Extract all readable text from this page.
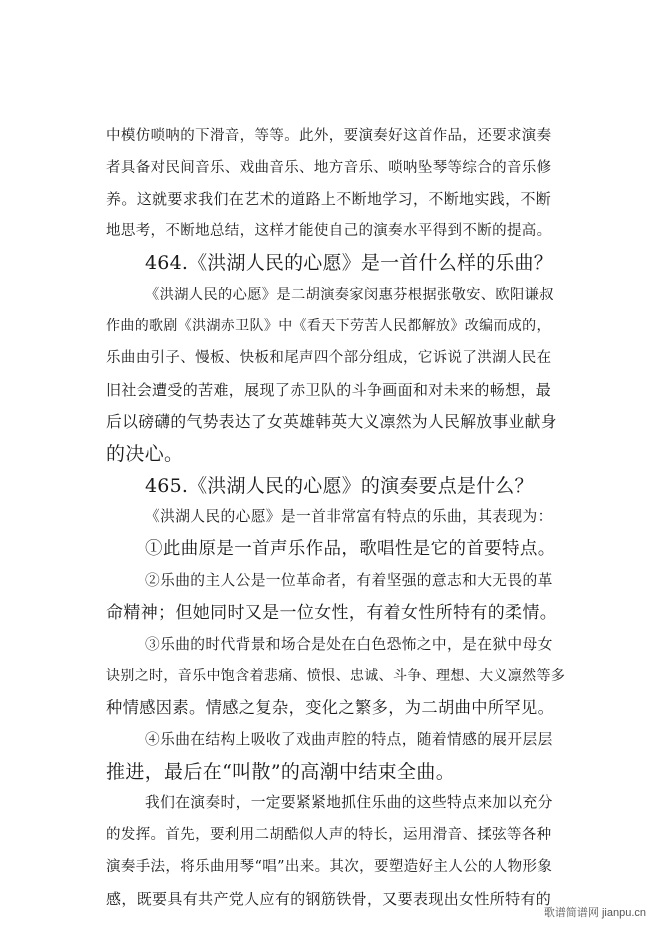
中模仿唢呐的下滑音，等等。此外，要演奏好这首作品，还要求演奏
者具备对民间音乐、戏曲音乐、地方音乐、唢呐坠琴等综合的音乐修
养。这就要求我们在艺术的道路上不断地学习，不断地实践，不断
地思考，不断地总结，这样才能使自己的演奏水平得到不断的提高。
464.《洪湖人民的心愿》是一首什么样的乐曲？
《洪湖人民的心愿》是二胡演奏家闵惠芬根据张敬安、欧阳谦叔
作曲的歌剧《洪湖赤卫队》中《看天下劳苦人民都解放》改编而成的，
乐曲由引子、慢板、快板和尾声四个部分组成，它诉说了洪湖人民在
旧社会遭受的苦难，展现了赤卫队的斗争画面和对未来的畅想，最
后以磅礴的气势表达了女英雄韩英大义凛然为人民解放事业献身
的决心。
465.《洪湖人民的心愿》的演奏要点是什么？
《洪湖人民的心愿》是一首非常富有特点的乐曲，其表现为：
①此曲原是一首声乐作品，歌唱性是它的首要特点。
②乐曲的主人公是一位革命者，有着坚强的意志和大无畏的革
命精神；但她同时又是一位女性，有着女性所特有的柔情。
③乐曲的时代背景和场合是处在白色恐怖之中，是在狱中母女
诀别之时，音乐中饱含着悲痛、愤恨、忠诚、斗争、理想、大义凛然等多
种情感因素。情感之复杂，变化之繁多，为二胡曲中所罕见。
④乐曲在结构上吸收了戏曲声腔的特点，随着情感的展开层层
推进，最后在“叫散”的高潮中结束全曲。
我们在演奏时，一定要紧紧地抓住乐曲的这些特点来加以充分
的发挥。首先，要利用二胡酷似人声的特长，运用滑音、揉弦等各种
演奏手法，将乐曲用琴“唱”出来。其次，要塑造好主人公的人物形象
感，既要具有共产党人应有的钢筋铁骨，又要表现出女性所特有的
歌谱简谱网 jianpu.cn
